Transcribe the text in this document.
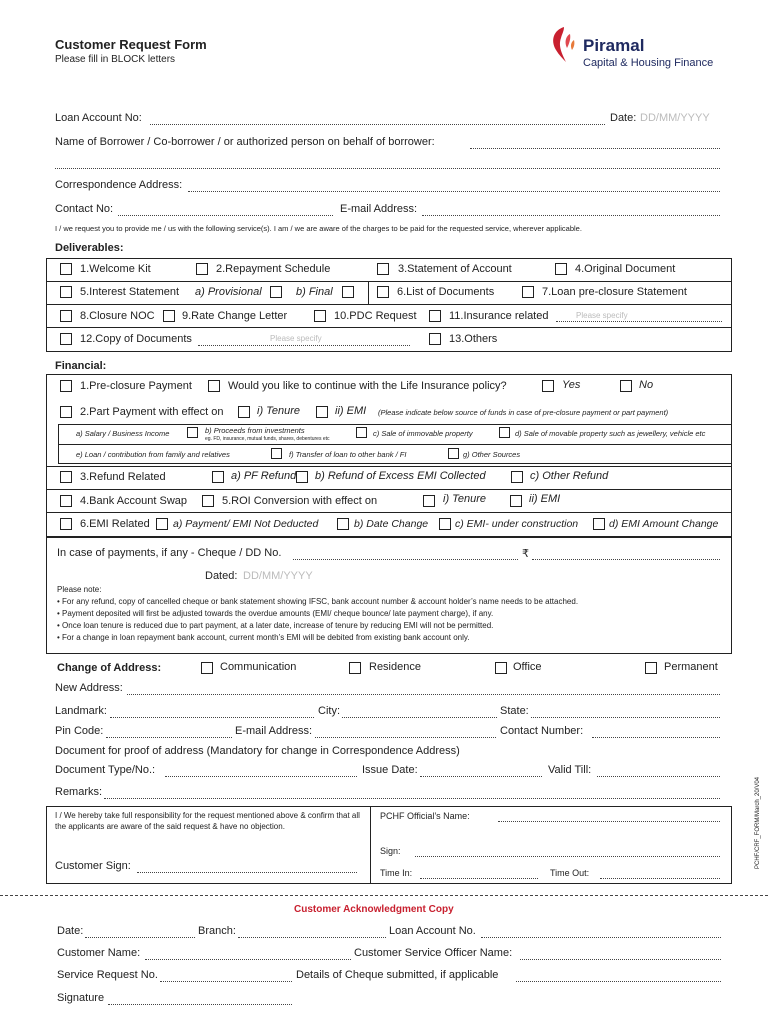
Customer Request Form
Please fill in BLOCK letters
Piramal
Capital & Housing Finance
Loan Account No:	Date: DD/MM/YYYY
Name of Borrower / Co-borrower / or authorized person on behalf of borrower:
Correspondence Address:
Contact No:	E-mail Address:
I / we request you to provide me / us with the following service(s). I am / we are aware of the charges to be paid for the requested service, wherever applicable.
Deliverables:
1.Welcome Kit	2.Repayment Schedule	3.Statement of Account	4.Original Document
5.Interest Statement a) Provisional	b) Final	6.List of Documents	7.Loan pre-closure Statement
8.Closure NOC 9.Rate Change Letter	10.PDC Request	11.Insurance related	Please specify
12.Copy of Documents	Please specify	13.Others
Financial:
1.Pre-closure Payment	Would you like to continue with the Life Insurance policy?	Yes	No
2.Part Payment with effect on	i) Tenure	ii) EMI (Please indicate below source of funds in case of pre-closure payment or part payment)
a) Salary / Business Income	b) Proceeds from investments
eg. FD, insurance, mutual funds, shares, debentures etc
c) Sale of immovable property	d) Sale of movable property such as jewellery, vehicle etc
e) Loan / contribution from family and relatives	f) Transfer of loan to other bank / FI	g) Other Sources
3.Refund Related	a) PF Refund b) Refund of Excess EMI Collected	c) Other Refund
4.Bank Account Swap	5.ROI Conversion with effect on	i) Tenure	ii) EMI
6.EMI Related a) Payment/ EMI Not Deducted	b) Date Change	c) EMI- under construction	d) EMI Amount Change
In case of payments, if any - Cheque / DD No.	₹
Dated: DD/MM/YYYY
Please note:
• For any refund, copy of cancelled cheque or bank statement showing IFSC, bank account number & account holder’s name needs to be attached.
• Payment deposited will first be adjusted towards the overdue amounts (EMI/ cheque bounce/ late payment charge), if any.
• Once loan tenure is reduced due to part payment, at a later date, increase of tenure by reducing EMI will not be permitted.
• For a change in loan repayment bank account, current month’s EMI will be debited from existing bank account only.
Change of Address:	Communication	Residence	Office	Permanent
New Address:
Landmark:	City:	State:
Pin Code:	E-mail Address:	Contact Number:
Document for proof of address (Mandatory for change in Correspondence Address)
Document Type/No.:	Issue Date:	Valid Till:
Remarks:
I / We hereby take full responsibility for the request mentioned above & confirm that all the applicants are aware of the said request & have no objection.
Customer Sign:
PCHF Official’s Name:
Sign:
Time In:	Time Out:
PCHF/CRF_FORM/March_20/V04
Customer Acknowledgment Copy
Date:	Branch:	Loan Account No.
Customer Name:	Customer Service Officer Name:
Service Request No.	Details of Cheque submitted, if applicable
Signature
